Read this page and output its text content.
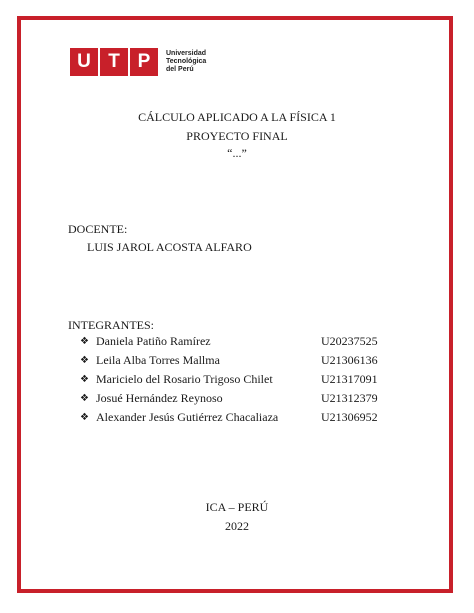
U T P	Universidad
Tecnológica
del Perú
CÁLCULO APLICADO A LA FÍSICA 1
PROYECTO FINAL
“...”
DOCENTE:
LUIS JAROL ACOSTA ALFARO
INTEGRANTES:
❖ Daniela Patiño Ramírez	U20237525
❖ Leila Alba Torres Mallma	U21306136
❖ Maricielo del Rosario Trigoso Chilet	U21317091
❖ Josué Hernández Reynoso	U21312379
❖ Alexander Jesús Gutiérrez Chacaliaza	U21306952
ICA – PERÚ
2022
